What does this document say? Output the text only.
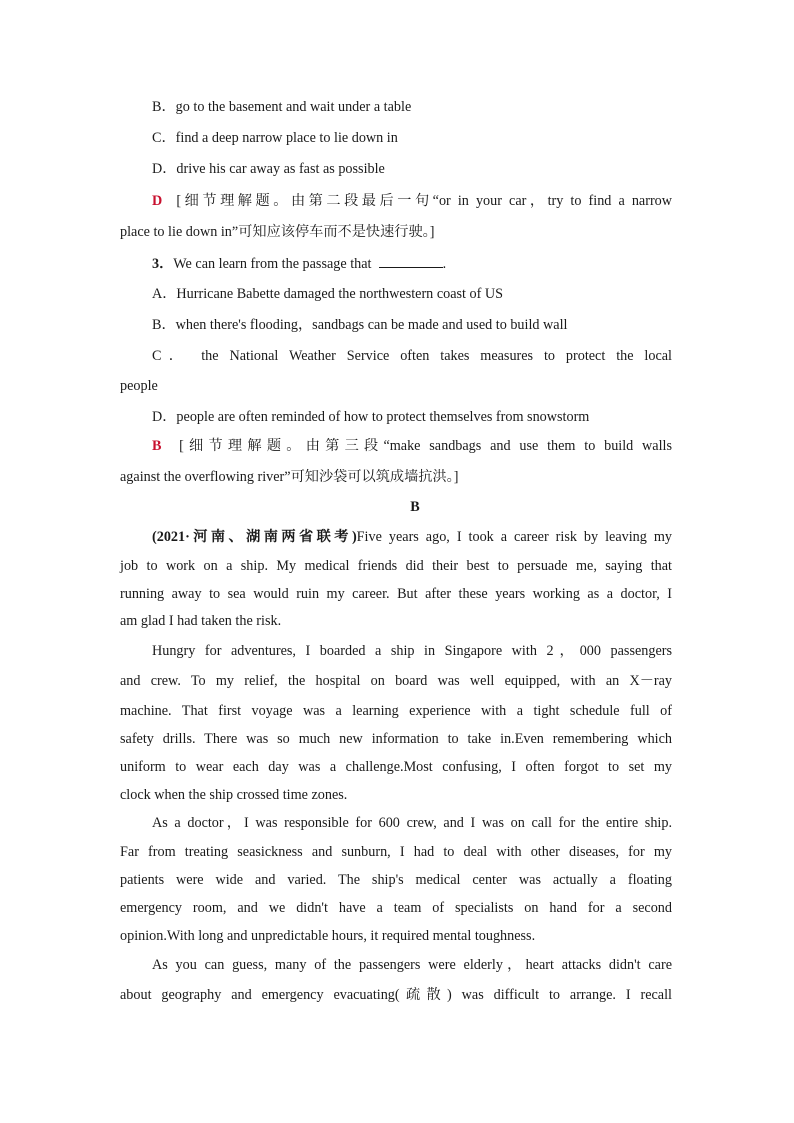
B．go to the basement and wait under a table
C．find a deep narrow place to lie down in
D．drive his car away as fast as possible
D [细节理解题。由第二段最后一句“or in your car，try to find a narrow
place to lie down in”可知应该停车而不是快速行驶。]
3．We can learn from the passage that	.
A．Hurricane Babette damaged the northwestern coast of US
B．when there's flooding，sandbags can be made and used to build wall
C． the National Weather Service often takes measures to protect the local
people
D．people are often reminded of how to protect themselves from snowstorm
B [细节理解题。由第三段“make sandbags and use them to build walls
against the overflowing river”可知沙袋可以筑成墙抗洪。]
B
(2021·河南、湖南两省联考)Five years ago, I took a career risk by leaving my
job to work on a ship. My medical friends did their best to persuade me, saying that
running away to sea would ruin my career. But after these years working as a doctor, I
am glad I had taken the risk.
Hungry for adventures, I boarded a ship in Singapore with 2，000 passengers
and crew. To my relief, the hospital on board was well equipped, with an X－ray
machine. That first voyage was a learning experience with a tight schedule full of
safety drills. There was so much new information to take in.Even remembering which
uniform to wear each day was a challenge.Most confusing, I often forgot to set my
clock when the ship crossed time zones.
As a doctor，I was responsible for 600 crew, and I was on call for the entire ship.
Far from treating seasickness and sunburn, I had to deal with other diseases, for my
patients were wide and varied. The ship's medical center was actually a floating
emergency room, and we didn't have a team of specialists on hand for a second
opinion.With long and unpredictable hours, it required mental toughness.
As you can guess, many of the passengers were elderly，heart attacks didn't care
about geography and emergency evacuating(疏散) was difficult to arrange. I recall
